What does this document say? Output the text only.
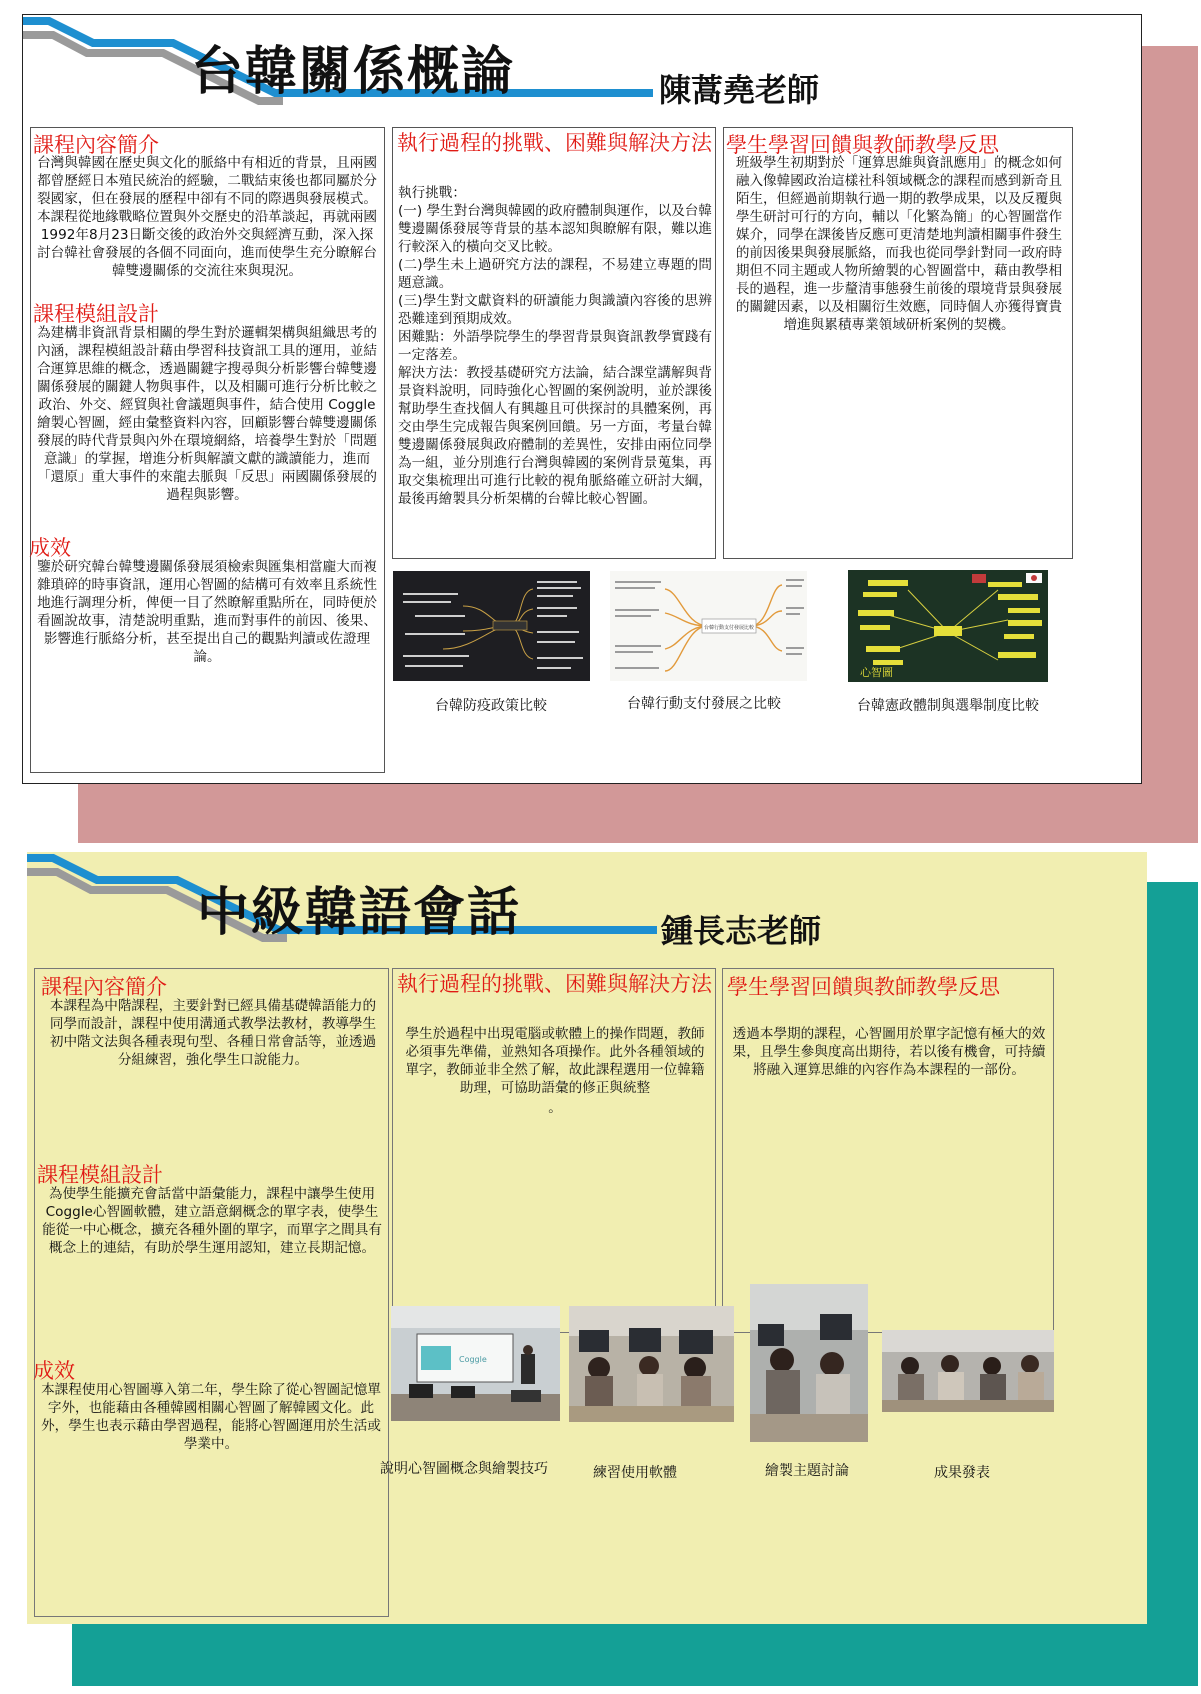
台韓關係概論	陳蒿堯老師
課程內容簡介
台灣與韓國在歷史與文化的脈絡中有相近的背景，且兩國都曾歷經日本殖民統治的經驗，二戰結束後也都同屬於分裂國家，但在發展的歷程中卻有不同的際遇與發展模式。本課程從地緣戰略位置與外交歷史的沿革談起，再就兩國1992年8月23日斷交後的政治外交與經濟互動，深入探討台韓社會發展的各個不同面向，進而使學生充分瞭解台韓雙邊關係的交流往來與現況。
課程模組設計
為建構非資訊背景相關的學生對於邏輯架構與組織思考的內涵，課程模組設計藉由學習科技資訊工具的運用，並結合運算思維的概念，透過關鍵字搜尋與分析影響台韓雙邊關係發展的關鍵人物與事件，以及相關可進行分析比較之政治、外交、經貿與社會議題與事件，結合使用 Coggle繪製心智圖，經由彙整資料內容，回顧影響台韓雙邊關係發展的時代背景與內外在環境網絡，培養學生對於「問題意識」的掌握，增進分析與解讀文獻的識讀能力，進而「還原」重大事件的來龍去脈與「反思」兩國關係發展的過程與影響。
成效
鑒於研究韓台韓雙邊關係發展須檢索與匯集相當龐大而複雜瑣碎的時事資訊，運用心智圖的結構可有效率且系統性地進行調理分析，俾便一目了然瞭解重點所在，同時便於看圖說故事，清楚說明重點，進而對事件的前因、後果、影響進行脈絡分析，甚至提出自己的觀點判讀或佐證理論。
執行過程的挑戰、困難與解決方法
執行挑戰：
(一) 學生對台灣與韓國的政府體制與運作，以及台韓雙邊關係發展等背景的基本認知與瞭解有限，難以進行較深入的橫向交叉比較。
(二)學生未上過研究方法的課程，不易建立專題的問題意識。
(三)學生對文獻資料的研讀能力與識讀內容後的思辨恐難達到預期成效。
困難點：外語學院學生的學習背景與資訊教學實踐有一定落差。
解決方法：教授基礎研究方法論，結合課堂講解與背景資料說明，同時強化心智圖的案例說明，並於課後幫助學生查找個人有興趣且可供探討的具體案例，再交由學生完成報告與案例回饋。另一方面，考量台韓雙邊關係發展與政府體制的差異性，安排由兩位同學為一組，並分別進行台灣與韓國的案例背景蒐集，再取交集梳理出可進行比較的視角脈絡確立研討大綱，最後再繪製具分析架構的台韓比較心智圖。
學生學習回饋與教師教學反思
班級學生初期對於「運算思維與資訊應用」的概念如何融入像韓國政治這樣社科領域概念的課程而感到新奇且陌生，但經過前期執行過一期的教學成果，以及反覆與學生研討可行的方向，輔以「化繁為簡」的心智圖當作媒介，同學在課後皆反應可更清楚地判讀相關事件發生的前因後果與發展脈絡，而我也從同學針對同一政府時期但不同主題或人物所繪製的心智圖當中，藉由教學相長的過程，進一步釐清事態發生前後的環境背景與發展的關鍵因素，以及相關衍生效應，同時個人亦獲得寶貴增進與累積專業領域研析案例的契機。
台韓行動支付發展比較
心智圖
台韓防疫政策比較	台韓行動支付發展之比較	台韓憲政體制與選舉制度比較
中級韓語會話	鍾長志老師
課程內容簡介
本課程為中階課程，主要針對已經具備基礎韓語能力的同學而設計，課程中使用溝通式教學法教材，教導學生初中階文法與各種表現句型、各種日常會話等，並透過分組練習，強化學生口說能力。
課程模組設計
為使學生能擴充會話當中語彙能力，課程中讓學生使用Coggle心智圖軟體，建立語意網概念的單字表，使學生能從一中心概念，擴充各種外圍的單字，而單字之間具有概念上的連結，有助於學生運用認知，建立長期記憶。
成效
本課程使用心智圖導入第二年，學生除了從心智圖記憶單字外，也能藉由各種韓國相關心智圖了解韓國文化。此外，學生也表示藉由學習過程，能將心智圖運用於生活或學業中。
執行過程的挑戰、困難與解決方法
學生於過程中出現電腦或軟體上的操作問題，教師必須事先準備，並熟知各項操作。此外各種領域的單字，教師並非全然了解，故此課程選用一位韓籍助理，可協助語彙的修正與統整
。
學生學習回饋與教師教學反思
透過本學期的課程，心智圖用於單字記憶有極大的效果，且學生參與度高出期待，若以後有機會，可持續將融入運算思維的內容作為本課程的一部份。
Coggle
說明心智圖概念與繪製技巧	練習使用軟體	繪製主題討論	成果發表
